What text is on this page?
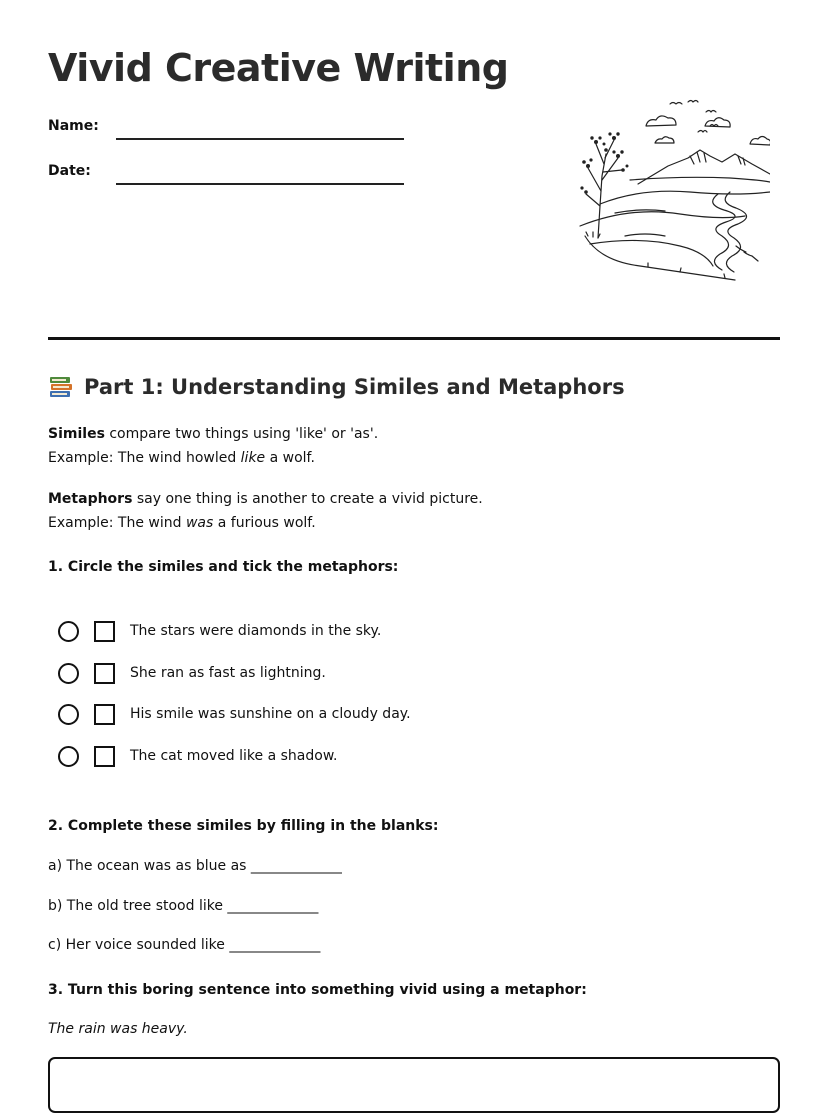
Vivid Creative Writing
Name:
Date:
Part 1: Understanding Similes and Metaphors
Similes compare two things using 'like' or 'as'.
Example: The wind howled like a wolf.
Metaphors say one thing is another to create a vivid picture.
Example: The wind was a furious wolf.
1. Circle the similes and tick the metaphors:
The stars were diamonds in the sky.
She ran as fast as lightning.
His smile was sunshine on a cloudy day.
The cat moved like a shadow.
2. Complete these similes by filling in the blanks:
a) The ocean was as blue as _____________
b) The old tree stood like _____________
c) Her voice sounded like _____________
3. Turn this boring sentence into something vivid using a metaphor:
The rain was heavy.
